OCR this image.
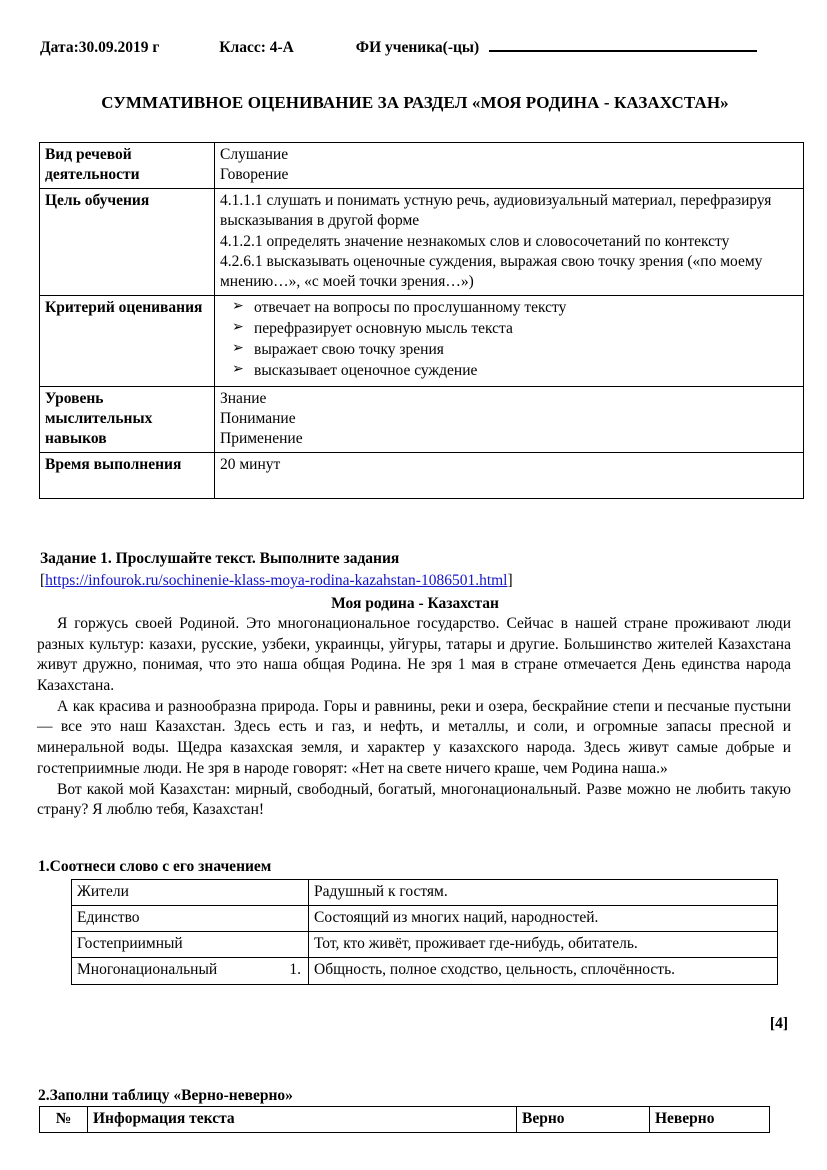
Дата:30.09.2019 г	Класс: 4-А	ФИ ученика(-цы)
СУММАТИВНОЕ ОЦЕНИВАНИЕ ЗА РАЗДЕЛ «МОЯ РОДИНА - КАЗАХСТАН»
Вид речевой деятельности	Слушание
Говорение

Цель обучения	4.1.1.1 слушать и понимать устную речь, аудиовизуальный материал, перефразируя высказывания в другой форме
4.1.2.1 определять значение незнакомых слов и словосочетаний по контексту
4.2.6.1 высказывать оценочные суждения, выражая свою точку зрения («по моему мнению…», «с моей точки зрения…»)

Критерий оценивания	➢ отвечает на вопросы по прослушанному тексту
➢ перефразирует основную мысль текста
➢ выражает свою точку зрения
➢ высказывает оценочное суждение

Уровень мыслительных навыков	Знание
Понимание
Применение

Время выполнения	20 минут

Задание 1. Прослушайте текст. Выполните задания
[https://infourok.ru/sochinenie-klass-moya-rodina-kazahstan-1086501.html]
Моя родина - Казахстан

Я горжусь своей Родиной. Это многонациональное государство. Сейчас в нашей стране проживают люди разных культур: казахи, русские, узбеки, украинцы, уйгуры, татары и другие. Большинство жителей Казахстана живут дружно, понимая, что это наша общая Родина. Не зря 1 мая в стране отмечается День единства народа Казахстана.

А как красива и разнообразна природа. Горы и равнины, реки и озера, бескрайние степи и песчаные пустыни — все это наш Казахстан. Здесь есть и газ, и нефть, и металлы, и соли, и огромные запасы пресной и минеральной воды. Щедра казахская земля, и характер у казахского народа. Здесь живут самые добрые и гостеприимные люди. Не зря в народе говорят: «Нет на свете ничего краше, чем Родина наша.»

Вот какой мой Казахстан: мирный, свободный, богатый, многонациональный. Разве можно не любить такую страну? Я люблю тебя, Казахстан!

1.Соотнеси слово с его значением
Жители	Радушный к гостям.

Единство	Состоящий из многих наций, народностей.

Гостеприимный	Тот, кто живёт, проживает где-нибудь, обитатель.

Многонациональный 1.	Общность, полное сходство, цельность, сплочённость.
[4]
2.Заполни таблицу «Верно-неверно»
№	Информация текста	Верно	Неверно
